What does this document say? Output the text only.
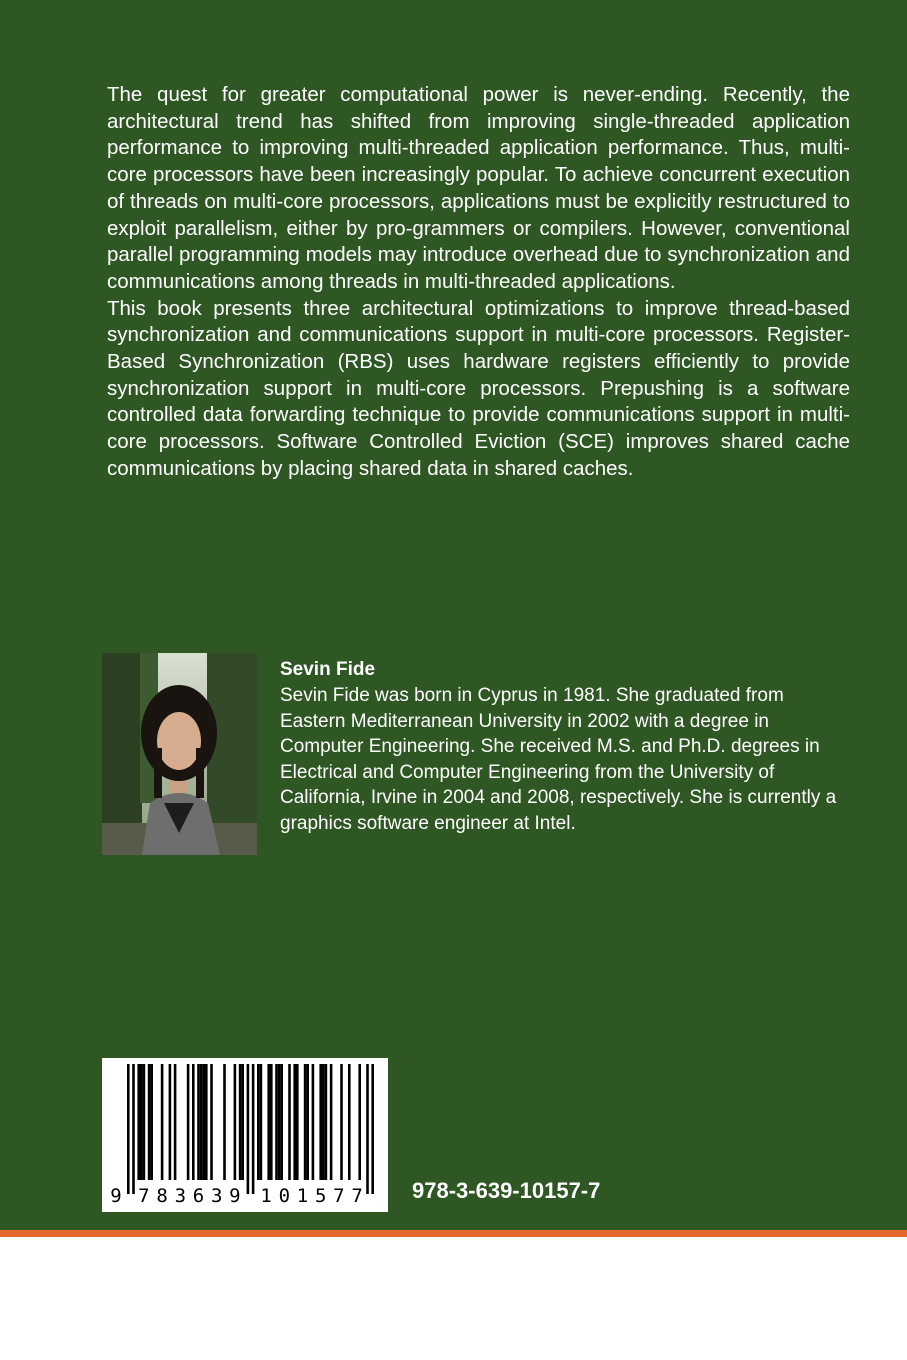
The quest for greater computational power is never-ending. Recently, the architectural trend has shifted from improving single-threaded application performance to improving multi-threaded application performance. Thus, multi-core processors have been increasingly popular. To achieve concurrent execution of threads on multi-core processors, applications must be explicitly restructured to exploit parallelism, either by pro-grammers or compilers. However, conventional parallel programming models may introduce overhead due to synchronization and communications among threads in multi-threaded applications.

This book presents three architectural optimizations to improve thread-based synchronization and communications support in multi-core processors. Register-Based Synchronization (RBS) uses hardware registers efficiently to provide synchronization support in multi-core processors. Prepushing is a software controlled data forwarding technique to provide communications support in multi-core processors. Software Controlled Eviction (SCE) improves shared cache communications by placing shared data in shared caches.

Sevin Fide

Sevin Fide was born in Cyprus in 1981. She graduated from Eastern Mediterranean University in 2002 with a degree in Computer Engineering. She received M.S. and Ph.D. degrees in Electrical and Computer Engineering from the University of California, Irvine in 2004 and 2008, respectively. She is currently a graphics software engineer at Intel.

9 7 8 3 6 3 9 1 0 1 5 7 7 978-3-639-10157-7
